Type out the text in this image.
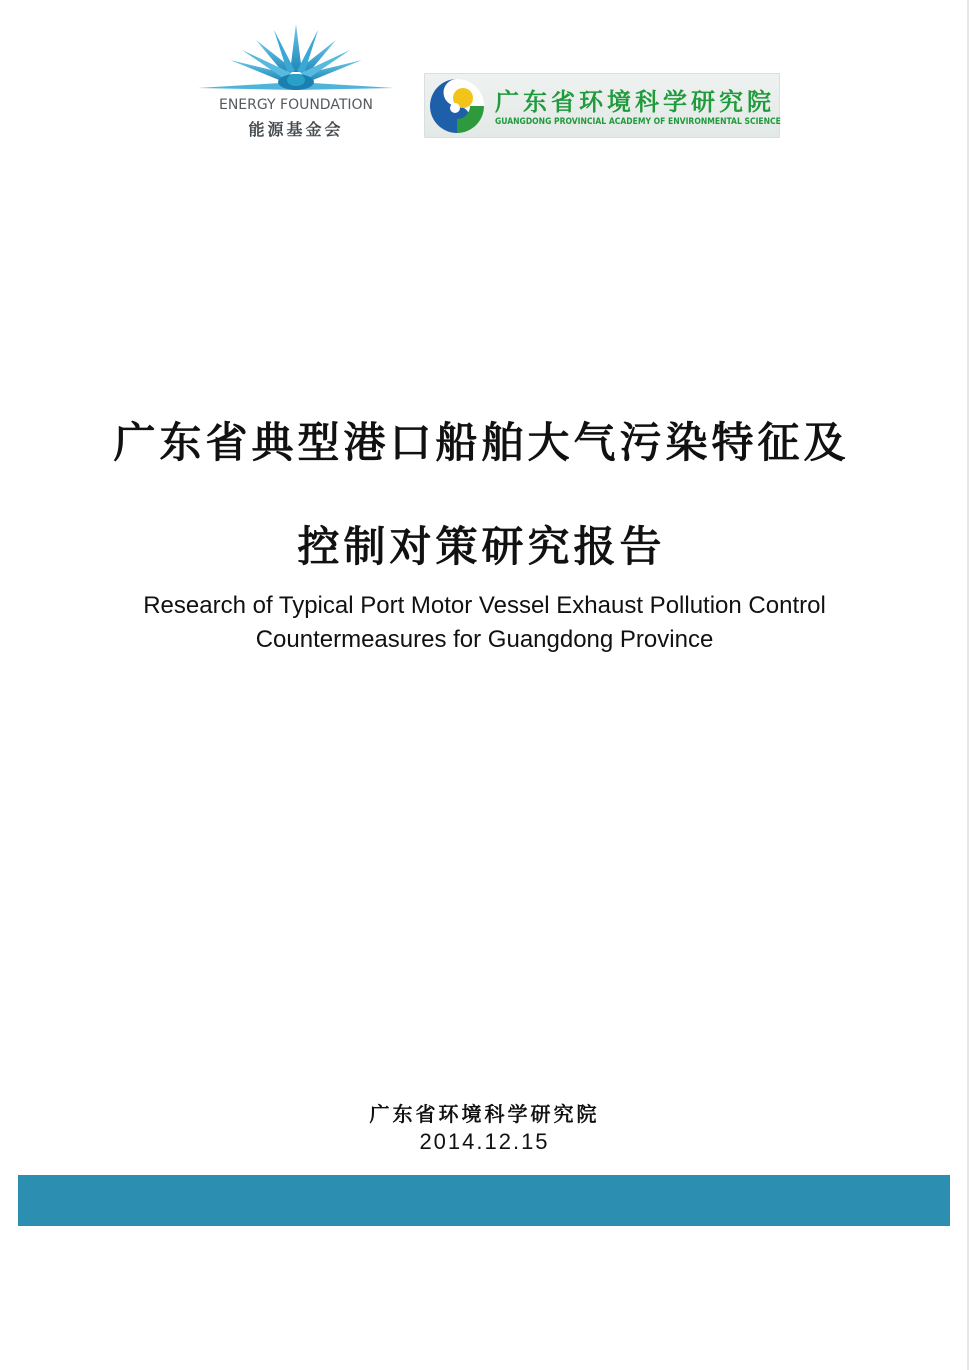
ENERGY FOUNDATION
能源基金会
广东省环境科学研究院
GUANGDONG PROVINCIAL ACADEMY OF ENVIRONMENTAL SCIENCE
广东省典型港口船舶大气污染特征及
控制对策研究报告
Research of Typical Port Motor Vessel Exhaust Pollution Control
Countermeasures for Guangdong Province
广东省环境科学研究院
2014.12.15
